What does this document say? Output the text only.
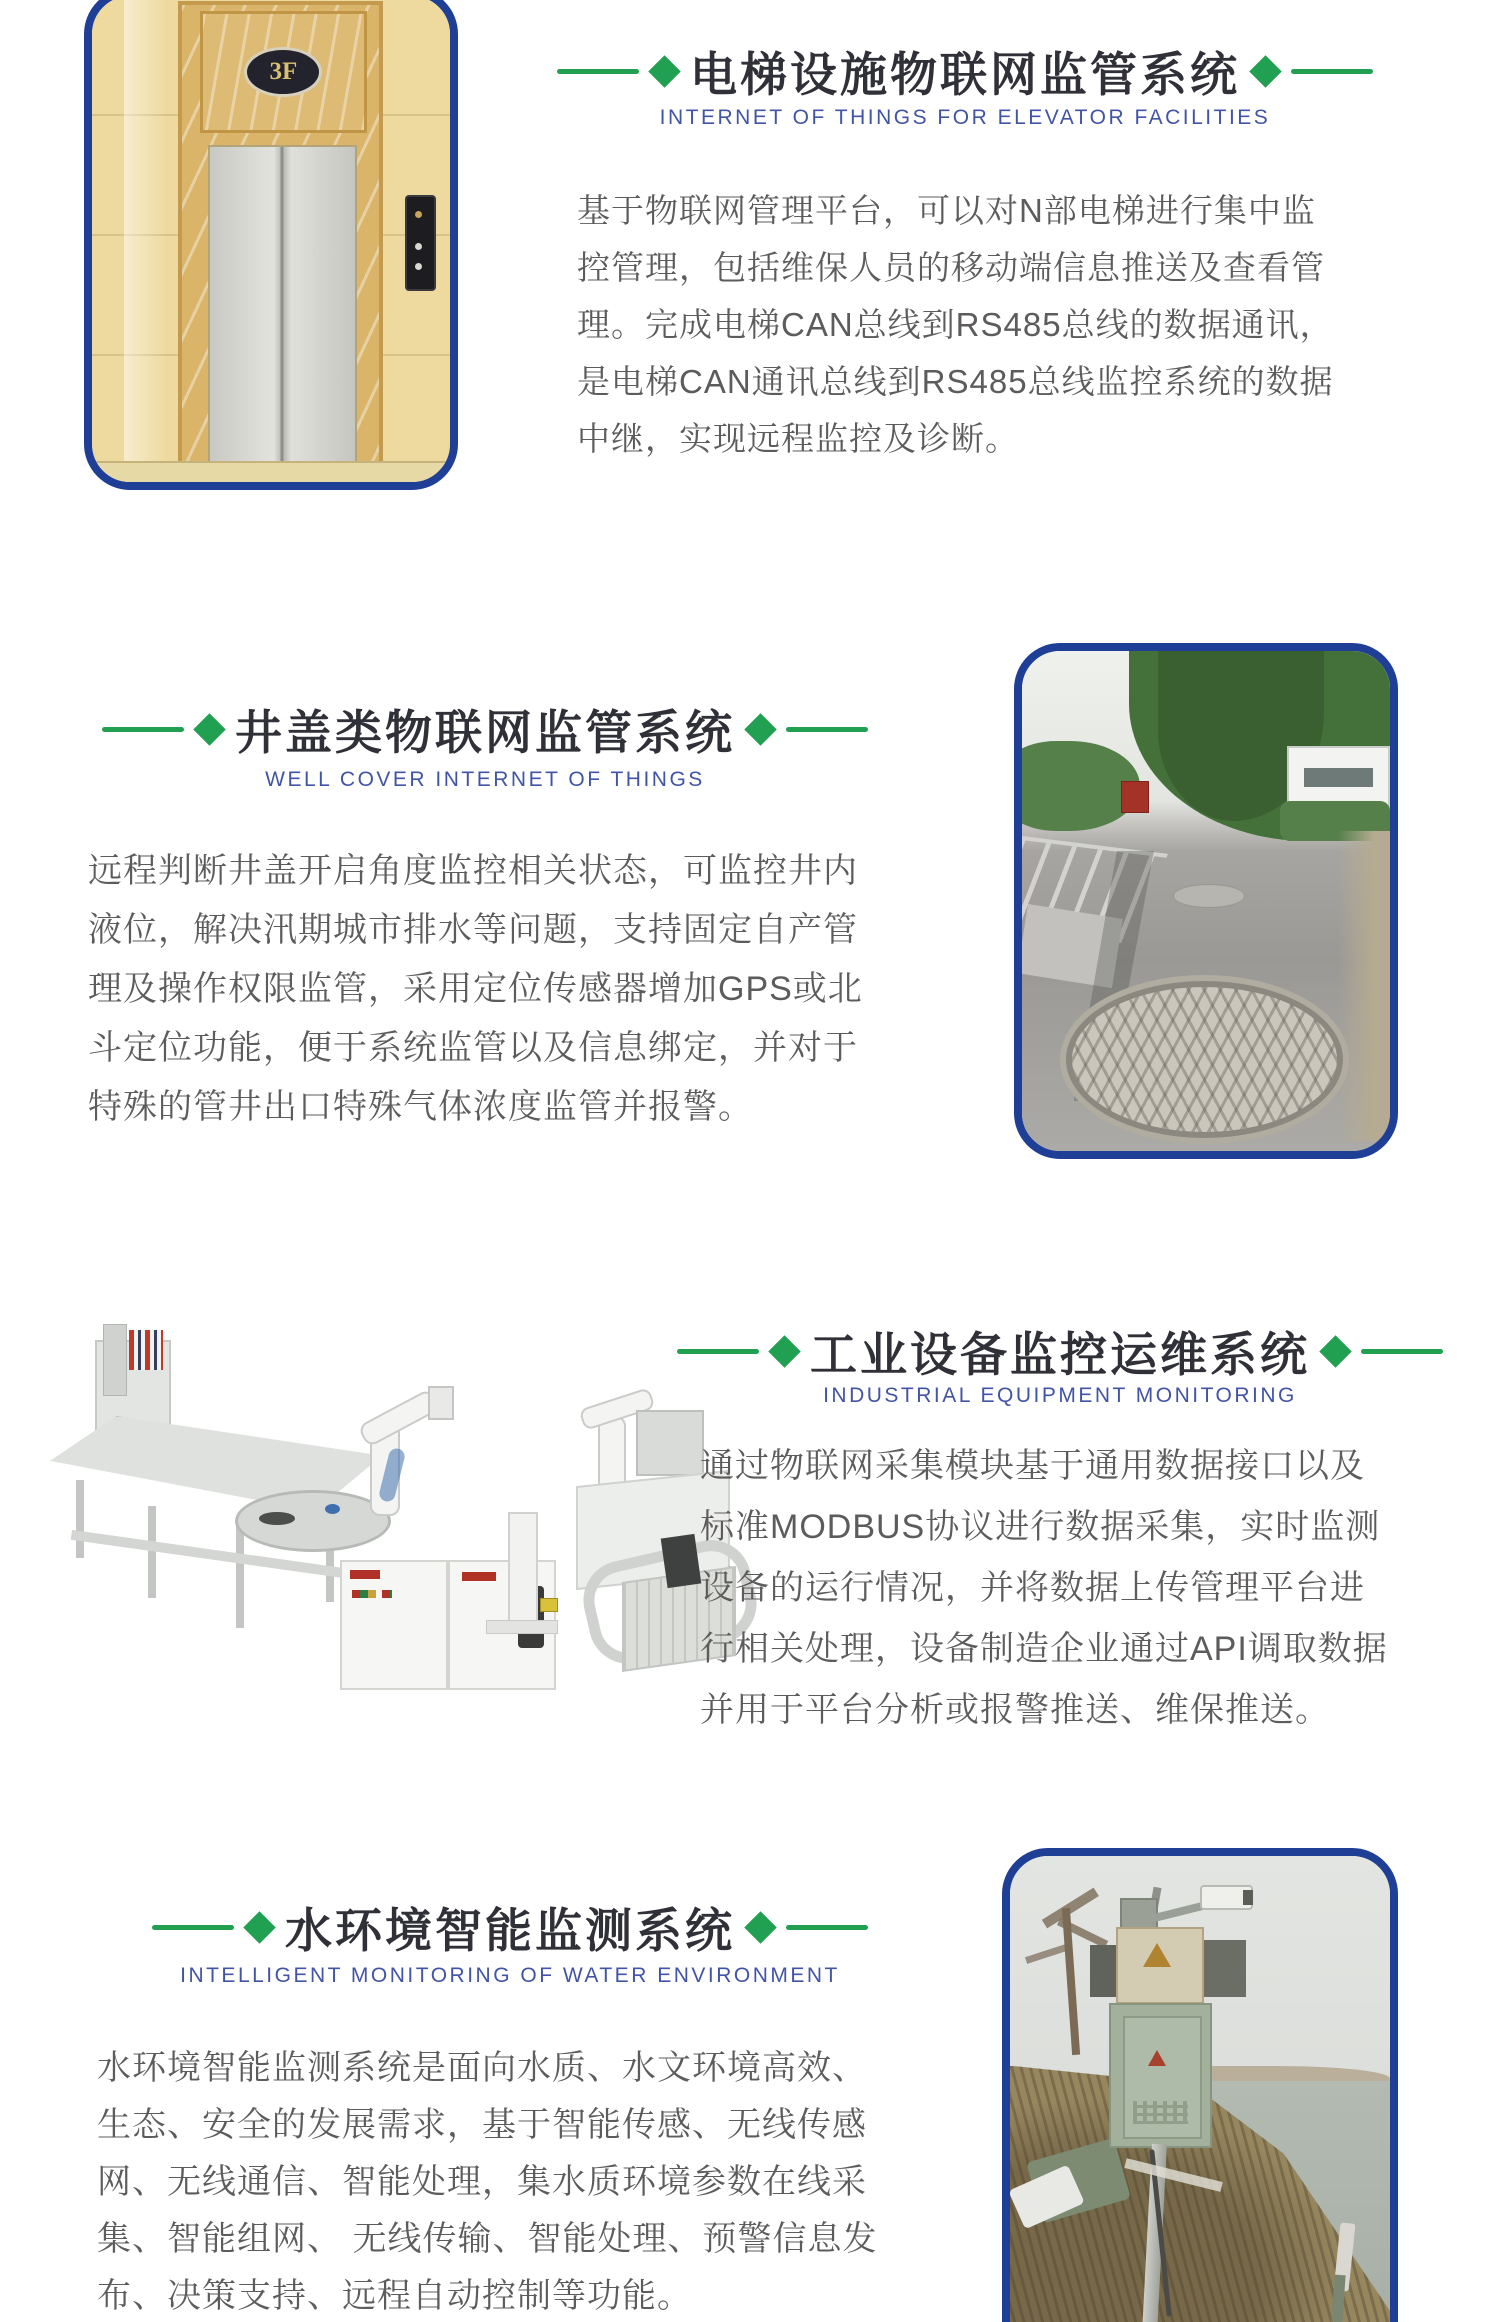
3F	电梯设施物联网监管系统
INTERNET OF THINGS FOR ELEVATOR FACILITIES
基于物联网管理平台，可以对N部电梯进行集中监
控管理，包括维保人员的移动端信息推送及查看管
理。完成电梯CAN总线到RS485总线的数据通讯，
是电梯CAN通讯总线到RS485总线监控系统的数据
中继，实现远程监控及诊断。
井盖类物联网监管系统
WELL COVER INTERNET OF THINGS
远程判断井盖开启角度监控相关状态，可监控井内
液位，解决汛期城市排水等问题，支持固定自产管
理及操作权限监管，采用定位传感器增加GPS或北
斗定位功能，便于系统监管以及信息绑定，并对于
特殊的管井出口特殊气体浓度监管并报警。
工业设备监控运维系统
INDUSTRIAL EQUIPMENT MONITORING
通过物联网采集模块基于通用数据接口以及
标准MODBUS协议进行数据采集，实时监测
设备的运行情况，并将数据上传管理平台进
行相关处理，设备制造企业通过API调取数据
并用于平台分析或报警推送、维保推送。
水环境智能监测系统
INTELLIGENT MONITORING OF WATER ENVIRONMENT
水环境智能监测系统是面向水质、水文环境高效、
生态、安全的发展需求，基于智能传感、无线传感
网、无线通信、智能处理，集水质环境参数在线采
集、智能组网、 无线传输、智能处理、预警信息发
布、决策支持、远程自动控制等功能。
